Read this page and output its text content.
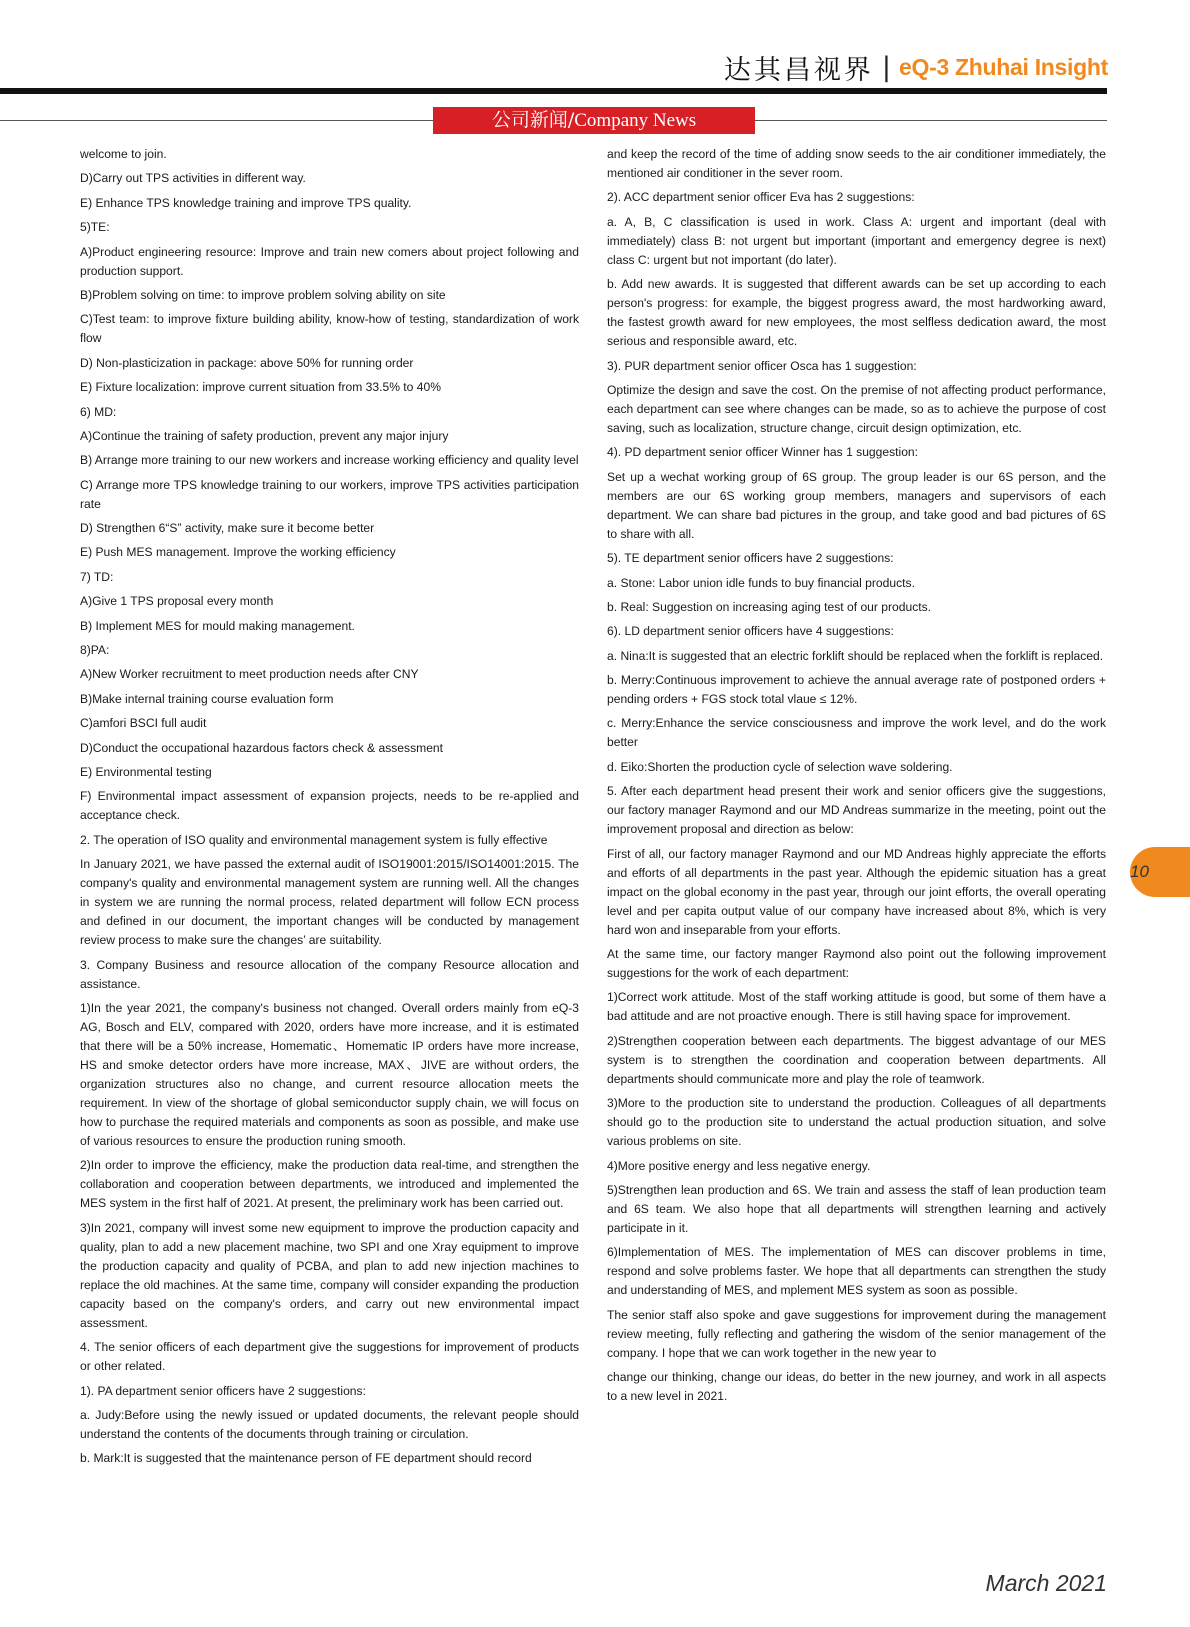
达其昌视界 | eQ-3 Zhuhai Insight
公司新闻/Company News

welcome to join.

D)Carry out TPS activities in different way.

E) Enhance TPS knowledge training and improve TPS quality.

5)TE:

A)Product engineering resource: Improve and train new comers about project following and production support.

B)Problem solving on time: to improve problem solving ability on site

C)Test team: to improve fixture building ability, know-how of testing, standardization of work flow

D) Non-plasticization in package: above 50% for running order

E) Fixture localization: improve current situation from 33.5% to 40%

6) MD:

A)Continue the training of safety production, prevent any major injury

B) Arrange more training to our new workers and increase working efficiency and quality level

C) Arrange more TPS knowledge training to our workers, improve TPS activities participation rate

D) Strengthen 6“S” activity, make sure it become better

E) Push MES management. Improve the working efficiency

7) TD:

A)Give 1 TPS proposal every month

B) Implement MES for mould making management.

8)PA:

A)New Worker recruitment to meet production needs after CNY

B)Make internal training course evaluation form

C)amfori BSCI full audit

D)Conduct the occupational hazardous factors check & assessment

E) Environmental testing

F) Environmental impact assessment of expansion projects, needs to be re-applied and acceptance check.

2. The operation of ISO quality and environmental management system is fully effective

In January 2021, we have passed the external audit of ISO19001:2015/ISO14001:2015. The company's quality and environmental management system are running well. All the changes in system we are running the normal process, related department will follow ECN process and defined in our document, the important changes will be conducted by management review process to make sure the changes’ are suitability.

3. Company Business and resource allocation of the company Resource allocation and assistance.

1)In the year 2021, the company's business not changed. Overall orders mainly from eQ-3 AG, Bosch and ELV, compared with 2020, orders have more increase, and it is estimated that there will be a 50% increase, Homematic、Homematic IP orders have more increase, HS and smoke detector orders have more increase, MAX、JIVE are without orders, the organization structures also no change, and current resource allocation meets the requirement. In view of the shortage of global semiconductor supply chain, we will focus on how to purchase the required materials and components as soon as possible, and make use of various resources to ensure the production runing smooth.

2)In order to improve the efficiency, make the production data real-time, and strengthen the collaboration and cooperation between departments, we introduced and implemented the MES system in the first half of 2021. At present, the preliminary work has been carried out.

3)In 2021, company will invest some new equipment to improve the production capacity and quality, plan to add a new placement machine, two SPI and one Xray equipment to improve the production capacity and quality of PCBA, and plan to add new injection machines to replace the old machines. At the same time, company will consider expanding the production capacity based on the company's orders, and carry out new environmental impact assessment.

4. The senior officers of each department give the suggestions for improvement of products or other related.

1). PA department senior officers have 2 suggestions:

a. Judy:Before using the newly issued or updated documents, the relevant people should understand the contents of the documents through training or circulation.

b. Mark:It is suggested that the maintenance person of FE department should record

and keep the record of the time of adding snow seeds to the air conditioner immediately, the mentioned air conditioner in the sever room.

2). ACC department senior officer Eva has 2 suggestions:

a. A, B, C classification is used in work. Class A: urgent and important (deal with immediately) class B: not urgent but important (important and emergency degree is next) class C: urgent but not important (do later).

b. Add new awards. It is suggested that different awards can be set up according to each person's progress: for example, the biggest progress award, the most hardworking award, the fastest growth award for new employees, the most selfless dedication award, the most serious and responsible award, etc.

3). PUR department senior officer Osca has 1 suggestion:

Optimize the design and save the cost. On the premise of not affecting product performance, each department can see where changes can be made, so as to achieve the purpose of cost saving, such as localization, structure change, circuit design optimization, etc.

4). PD department senior officer Winner has 1 suggestion:

Set up a wechat working group of 6S group. The group leader is our 6S person, and the members are our 6S working group members, managers and supervisors of each department. We can share bad pictures in the group, and take good and bad pictures of 6S to share with all.

5). TE department senior officers have 2 suggestions:

a. Stone: Labor union idle funds to buy financial products.

b. Real: Suggestion on increasing aging test of our products.

6). LD department senior officers have 4 suggestions:

a. Nina:It is suggested that an electric forklift should be replaced when the forklift is replaced.

b. Merry:Continuous improvement to achieve the annual average rate of postponed orders + pending orders + FGS stock total vlaue ≤ 12%.

c. Merry:Enhance the service consciousness and improve the work level, and do the work better

d. Eiko:Shorten the production cycle of selection wave soldering.

5. After each department head present their work and senior officers give the suggestions, our factory manager Raymond and our MD Andreas summarize in the meeting, point out the improvement proposal and direction as below:

First of all, our factory manager Raymond and our MD Andreas highly appreciate the efforts and efforts of all departments in the past year. Although the epidemic situation has a great impact on the global economy in the past year, through our joint efforts, the overall operating level and per capita output value of our company have increased about 8%, which is very hard won and inseparable from your efforts.

At the same time, our factory manger Raymond also point out the following improvement suggestions for the work of each department:

1)Correct work attitude. Most of the staff working attitude is good, but some of them have a bad attitude and are not proactive enough. There is still having space for improvement.

2)Strengthen cooperation between each departments. The biggest advantage of our MES system is to strengthen the coordination and cooperation between departments. All departments should communicate more and play the role of teamwork.

3)More to the production site to understand the production. Colleagues of all departments should go to the production site to understand the actual production situation, and solve various problems on site.

4)More positive energy and less negative energy.

5)Strengthen lean production and 6S. We train and assess the staff of lean production team and 6S team. We also hope that all departments will strengthen learning and actively participate in it.

6)Implementation of MES. The implementation of MES can discover problems in time, respond and solve problems faster. We hope that all departments can strengthen the study and understanding of MES, and mplement MES system as soon as possible.

The senior staff also spoke and gave suggestions for improvement during the management review meeting, fully reflecting and gathering the wisdom of the senior management of the company. I hope that we can work together in the new year to

change our thinking, change our ideas, do better in the new journey, and work in all aspects to a new level in 2021.

10
March 2021
